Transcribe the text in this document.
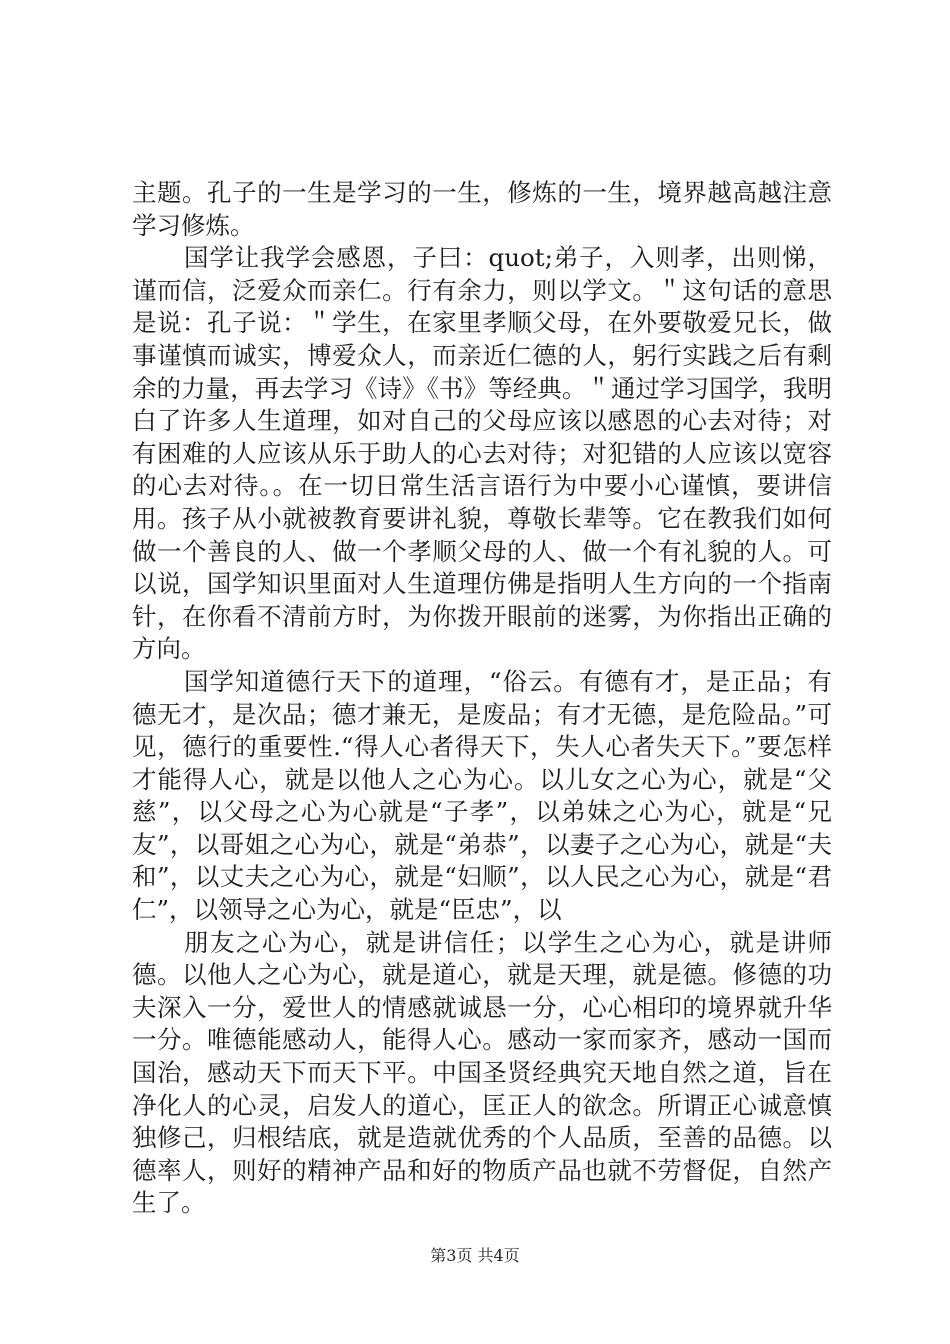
主题。孔子的一生是学习的一生，修炼的一生，境界越高越注意学习修炼。

国学让我学会感恩，子曰：quot;弟子，入则孝，出则悌，谨而信，泛爱众而亲仁。行有余力，则以学文。＂这句话的意思是说：孔子说：＂学生，在家里孝顺父母，在外要敬爱兄长，做事谨慎而诚实，博爱众人，而亲近仁德的人，躬行实践之后有剩余的力量，再去学习《诗》《书》等经典。＂通过学习国学，我明白了许多人生道理，如对自己的父母应该以感恩的心去对待；对有困难的人应该从乐于助人的心去对待；对犯错的人应该以宽容的心去对待。。在一切日常生活言语行为中要小心谨慎，要讲信用。孩子从小就被教育要讲礼貌，尊敬长辈等。它在教我们如何做一个善良的人、做一个孝顺父母的人、做一个有礼貌的人。可以说，国学知识里面对人生道理仿佛是指明人生方向的一个指南针，在你看不清前方时，为你拨开眼前的迷雾，为你指出正确的方向。

国学知道德行天下的道理，“俗云。有德有才，是正品；有德无才，是次品；德才兼无，是废品；有才无德，是危险品。”可见，德行的重要性.“得人心者得天下，失人心者失天下。”要怎样才能得人心，就是以他人之心为心。以儿女之心为心，就是“父慈”，以父母之心为心就是“子孝”，以弟妹之心为心，就是“兄友”，以哥姐之心为心，就是“弟恭”，以妻子之心为心，就是“夫和”，以丈夫之心为心，就是“妇顺”，以人民之心为心，就是“君仁”，以领导之心为心，就是“臣忠”，以

朋友之心为心，就是讲信任；以学生之心为心，就是讲师德。以他人之心为心，就是道心，就是天理，就是德。修德的功夫深入一分，爱世人的情感就诚恳一分，心心相印的境界就升华一分。唯德能感动人，能得人心。感动一家而家齐，感动一国而国治，感动天下而天下平。中国圣贤经典究天地自然之道，旨在净化人的心灵，启发人的道心，匡正人的欲念。所谓正心诚意慎独修己，归根结底，就是造就优秀的个人品质，至善的品德。以德率人，则好的精神产品和好的物质产品也就不劳督促，自然产生了。

第3页 共4页
